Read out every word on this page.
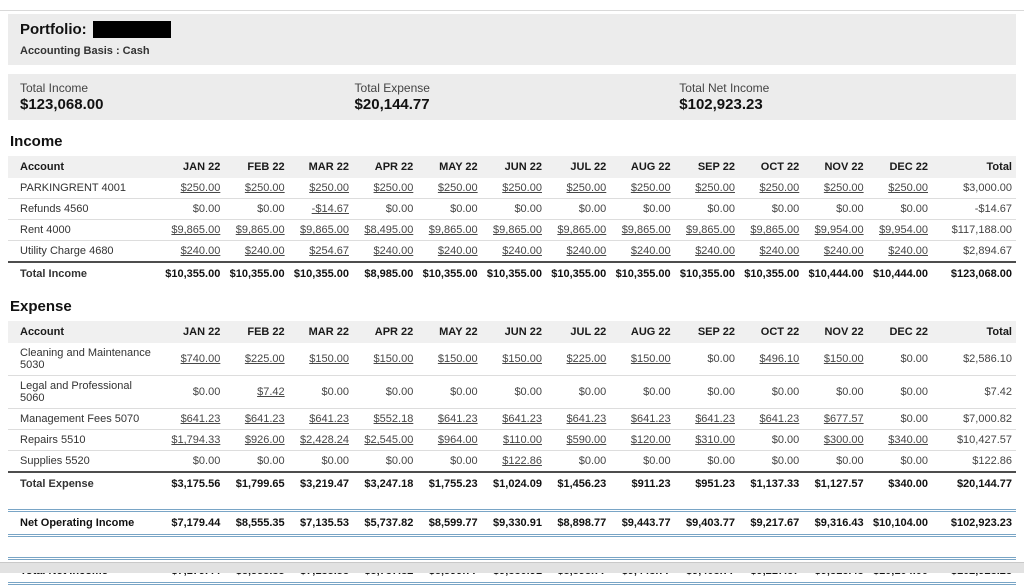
Portfolio:
Accounting Basis : Cash
Total Income
$123,068.00
Total Expense
$20,144.77
Total Net Income
$102,923.23
Income
Account	JAN 22	FEB 22	MAR 22	APR 22	MAY 22	JUN 22	JUL 22	AUG 22	SEP 22	OCT 22	NOV 22	DEC 22	Total
PARKINGRENT 4001	$250.00	$250.00	$250.00	$250.00	$250.00	$250.00	$250.00	$250.00	$250.00	$250.00	$250.00	$250.00	$3,000.00
Refunds 4560	$0.00	$0.00	-$14.67	$0.00	$0.00	$0.00	$0.00	$0.00	$0.00	$0.00	$0.00	$0.00	-$14.67
Rent 4000	$9,865.00	$9,865.00	$9,865.00	$8,495.00	$9,865.00	$9,865.00	$9,865.00	$9,865.00	$9,865.00	$9,865.00	$9,954.00	$9,954.00	$117,188.00
Utility Charge 4680	$240.00	$240.00	$254.67	$240.00	$240.00	$240.00	$240.00	$240.00	$240.00	$240.00	$240.00	$240.00	$2,894.67
Total Income	$10,355.00	$10,355.00	$10,355.00	$8,985.00	$10,355.00	$10,355.00	$10,355.00	$10,355.00	$10,355.00	$10,355.00	$10,444.00	$10,444.00	$123,068.00
Expense
Account	JAN 22	FEB 22	MAR 22	APR 22	MAY 22	JUN 22	JUL 22	AUG 22	SEP 22	OCT 22	NOV 22	DEC 22	Total
Cleaning and Maintenance 5030	$740.00	$225.00	$150.00	$150.00	$150.00	$150.00	$225.00	$150.00	$0.00	$496.10	$150.00	$0.00	$2,586.10
Legal and Professional 5060	$0.00	$7.42	$0.00	$0.00	$0.00	$0.00	$0.00	$0.00	$0.00	$0.00	$0.00	$0.00	$7.42
Management Fees 5070	$641.23	$641.23	$641.23	$552.18	$641.23	$641.23	$641.23	$641.23	$641.23	$641.23	$677.57	$0.00	$7,000.82
Repairs 5510	$1,794.33	$926.00	$2,428.24	$2,545.00	$964.00	$110.00	$590.00	$120.00	$310.00	$0.00	$300.00	$340.00	$10,427.57
Supplies 5520	$0.00	$0.00	$0.00	$0.00	$0.00	$122.86	$0.00	$0.00	$0.00	$0.00	$0.00	$0.00	$122.86
Total Expense	$3,175.56	$1,799.65	$3,219.47	$3,247.18	$1,755.23	$1,024.09	$1,456.23	$911.23	$951.23	$1,137.33	$1,127.57	$340.00	$20,144.77
Net Operating Income	$7,179.44	$8,555.35	$7,135.53	$5,737.82	$8,599.77	$9,330.91	$8,898.77	$9,443.77	$9,403.77	$9,217.67	$9,316.43	$10,104.00	$102,923.23
